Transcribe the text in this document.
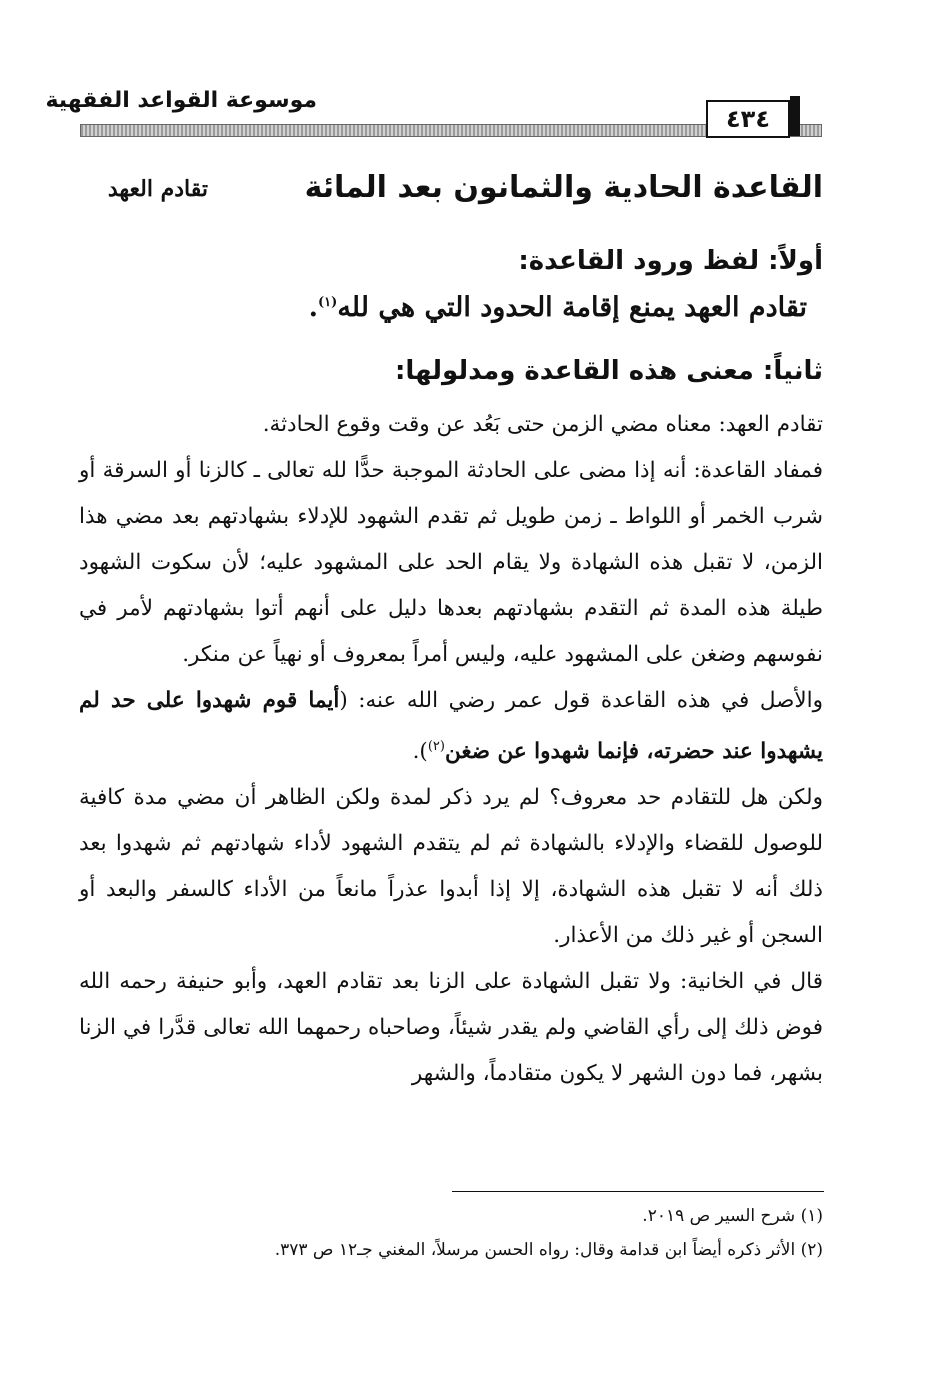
موسوعة القواعد الفقهية
٤٣٤
القاعدة الحادية والثمانون بعد المائة
تقادم العهد
أولاً: لفظ ورود القاعدة:
تقادم العهد يمنع إقامة الحدود التي هي لله$^{(١)}$.
ثانياً: معنى هذه القاعدة ومدلولها:

تقادم العهد: معناه مضي الزمن حتى بَعُد عن وقت وقوع الحادثة.

فمفاد القاعدة: أنه إذا مضى على الحادثة الموجبة حدًّا لله تعالى ـ كالزنا أو السرقة أو شرب الخمر أو اللواط ـ زمن طويل ثم تقدم الشهود للإدلاء بشهادتهم بعد مضي هذا الزمن، لا تقبل هذه الشهادة ولا يقام الحد على المشهود عليه؛ لأن سكوت الشهود طيلة هذه المدة ثم التقدم بشهادتهم بعدها دليل على أنهم أتوا بشهادتهم لأمر في نفوسهم وضغن على المشهود عليه، وليس أمراً بمعروف أو نهياً عن منكر.

والأصل في هذه القاعدة قول عمر رضي الله عنه: (أيما قوم شهدوا على حد لم يشهدوا عند حضرته، فإنما شهدوا عن ضغن$^{(٢)}$).

ولكن هل للتقادم حد معروف؟ لم يرد ذكر لمدة ولكن الظاهر أن مضي مدة كافية للوصول للقضاء والإدلاء بالشهادة ثم لم يتقدم الشهود لأداء شهادتهم ثم شهدوا بعد ذلك أنه لا تقبل هذه الشهادة، إلا إذا أبدوا عذراً مانعاً من الأداء كالسفر والبعد أو السجن أو غير ذلك من الأعذار.

قال في الخانية: ولا تقبل الشهادة على الزنا بعد تقادم العهد، وأبو حنيفة رحمه الله فوض ذلك إلى رأي القاضي ولم يقدر شيئاً، وصاحباه رحمهما الله تعالى قدَّرا في الزنا بشهر، فما دون الشهر لا يكون متقادماً، والشهر

(١) شرح السير ص ٢٠١٩.
(٢) الأثر ذكره أيضاً ابن قدامة وقال: رواه الحسن مرسلاً، المغني جـ١٢ ص ٣٧٣.
